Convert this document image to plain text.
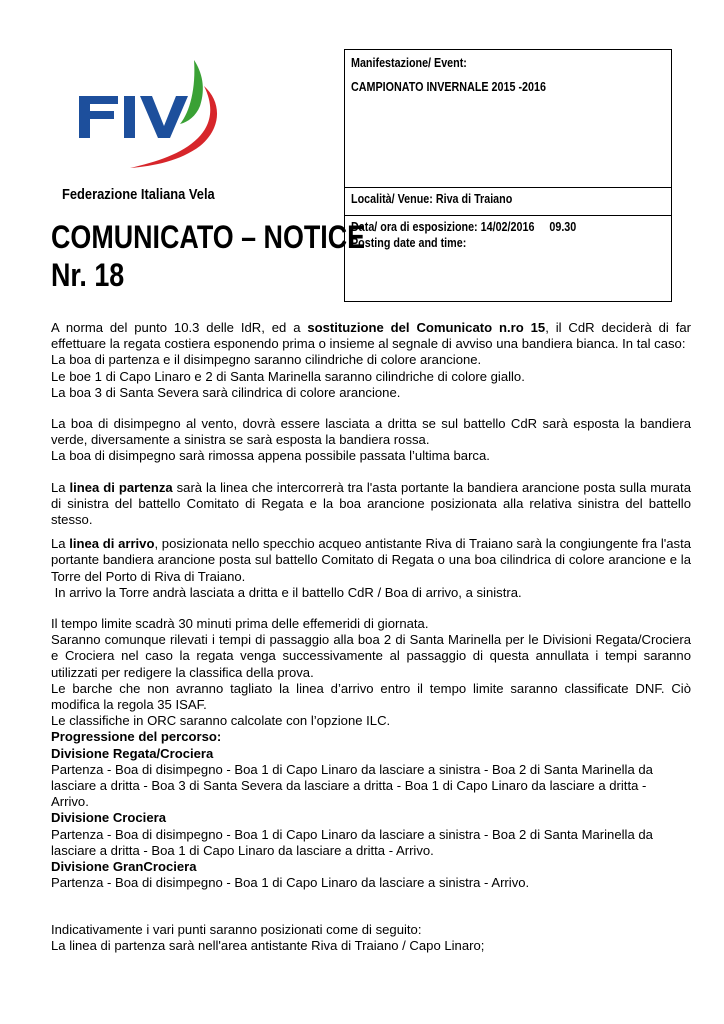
Federazione Italiana Vela
COMUNICATO – NOTICE
Nr. 18
Manifestazione/ Event:
CAMPIONATO INVERNALE 2015 -2016
Località/ Venue: Riva di Traiano
Data/ ora di esposizione: 14/02/2016     09.30
Posting date and time:

A norma del punto 10.3 delle IdR, ed a sostituzione del Comunicato n.ro 15, il CdR deciderà di far effettuare la regata costiera esponendo prima o insieme al segnale di avviso una bandiera bianca. In tal caso:

La boa di partenza e il disimpegno saranno cilindriche di colore arancione.

Le boe 1 di Capo Linaro e 2 di Santa Marinella saranno cilindriche di colore giallo.

La boa 3 di Santa Severa sarà cilindrica di colore arancione.

La boa di disimpegno al vento, dovrà essere lasciata a dritta se sul battello CdR sarà esposta la bandiera verde, diversamente a sinistra se sarà esposta la bandiera rossa.

La boa di disimpegno sarà rimossa appena possibile passata l’ultima barca.

La linea di partenza sarà la linea che intercorrerà tra l'asta portante la bandiera arancione posta sulla murata di sinistra del battello Comitato di Regata e la boa arancione posizionata alla relativa sinistra del battello stesso.

La linea di arrivo, posizionata nello specchio acqueo antistante Riva di Traiano sarà la congiungente fra l'asta portante bandiera arancione posta sul battello Comitato di Regata o una boa cilindrica di colore arancione e la Torre del Porto di Riva di Traiano.

In arrivo la Torre andrà lasciata a dritta e il battello CdR / Boa di arrivo, a sinistra.

Il tempo limite scadrà 30 minuti prima delle effemeridi di giornata.

Saranno comunque rilevati i tempi di passaggio alla boa 2 di Santa Marinella per le Divisioni Regata/Crociera e Crociera nel caso la regata venga successivamente al passaggio di questa annullata i tempi saranno utilizzati per redigere la classifica della prova.

Le barche che non avranno tagliato la linea d’arrivo entro il tempo limite saranno classificate DNF. Ciò modifica la regola 35 ISAF.

Le classifiche in ORC saranno calcolate con l’opzione ILC.

Progressione del percorso:

Divisione Regata/Crociera

Partenza - Boa di disimpegno - Boa 1 di Capo Linaro da lasciare a sinistra - Boa 2 di Santa Marinella da lasciare a dritta - Boa 3 di Santa Severa da lasciare a dritta - Boa 1 di Capo Linaro da lasciare a dritta - Arrivo.

Divisione Crociera

Partenza - Boa di disimpegno - Boa 1 di Capo Linaro da lasciare a sinistra - Boa 2 di Santa Marinella da lasciare a dritta - Boa 1 di Capo Linaro da lasciare a dritta - Arrivo.

Divisione GranCrociera

Partenza - Boa di disimpegno - Boa 1 di Capo Linaro da lasciare a sinistra - Arrivo.

Indicativamente i vari punti saranno posizionati come di seguito:

La linea di partenza sarà nell'area antistante Riva di Traiano / Capo Linaro;
